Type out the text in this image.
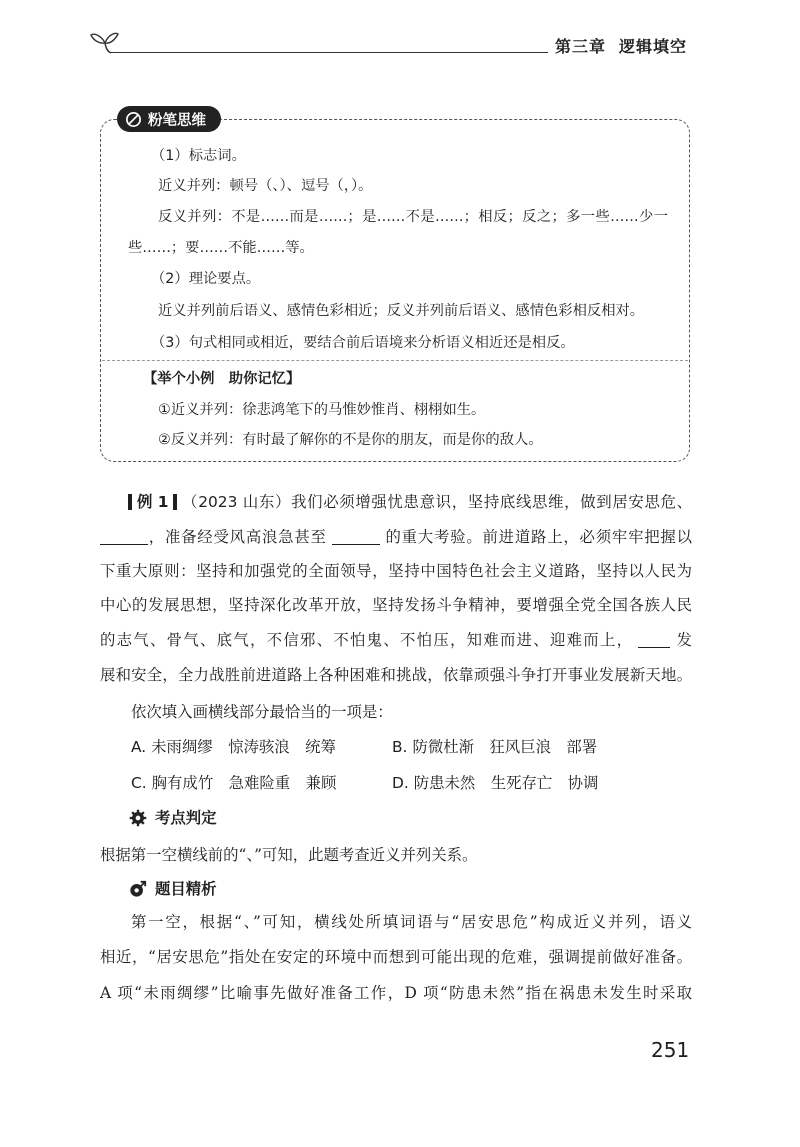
第三章 逻辑填空
粉笔思维
（1）标志词。
近义并列：顿号（、）、逗号（，）。
反义并列：不是……而是……；是……不是……；相反；反之；多一些……少一
些……；要……不能……等。
（2）理论要点。
近义并列前后语义、感情色彩相近；反义并列前后语义、感情色彩相反相对。
（3）句式相同或相近，要结合前后语境来分析语义相近还是相反。
【举个小例　助你记忆】
①近义并列：徐悲鸿笔下的马惟妙惟肖、栩栩如生。
②反义并列：有时最了解你的不是你的朋友，而是你的敌人。
例 1 （2023 山东）我们必须增强忧患意识，坚持底线思维，做到居安思危、
，准备经受风高浪急甚至	的重大考验。前进道路上，必须牢牢把握以
下重大原则：坚持和加强党的全面领导，坚持中国特色社会主义道路，坚持以人民为
中心的发展思想，坚持深化改革开放，坚持发扬斗争精神，要增强全党全国各族人民
的志气、骨气、底气，不信邪、不怕鬼、不怕压，知难而进、迎难而上，	发
展和安全，全力战胜前进道路上各种困难和挑战，依靠顽强斗争打开事业发展新天地。
依次填入画横线部分最恰当的一项是：
A. 未雨绸缪　惊涛骇浪　统筹	B. 防微杜渐　狂风巨浪　部署
C. 胸有成竹　急难险重　兼顾	D. 防患未然　生死存亡　协调
考点判定
根据第一空横线前的“、”可知，此题考查近义并列关系。
题目精析
第一空，根据“、”可知，横线处所填词语与“居安思危”构成近义并列，语义
相近，“居安思危”指处在安定的环境中而想到可能出现的危难，强调提前做好准备。
A 项“未雨绸缪”比喻事先做好准备工作，D 项“防患未然”指在祸患未发生时采取
251
